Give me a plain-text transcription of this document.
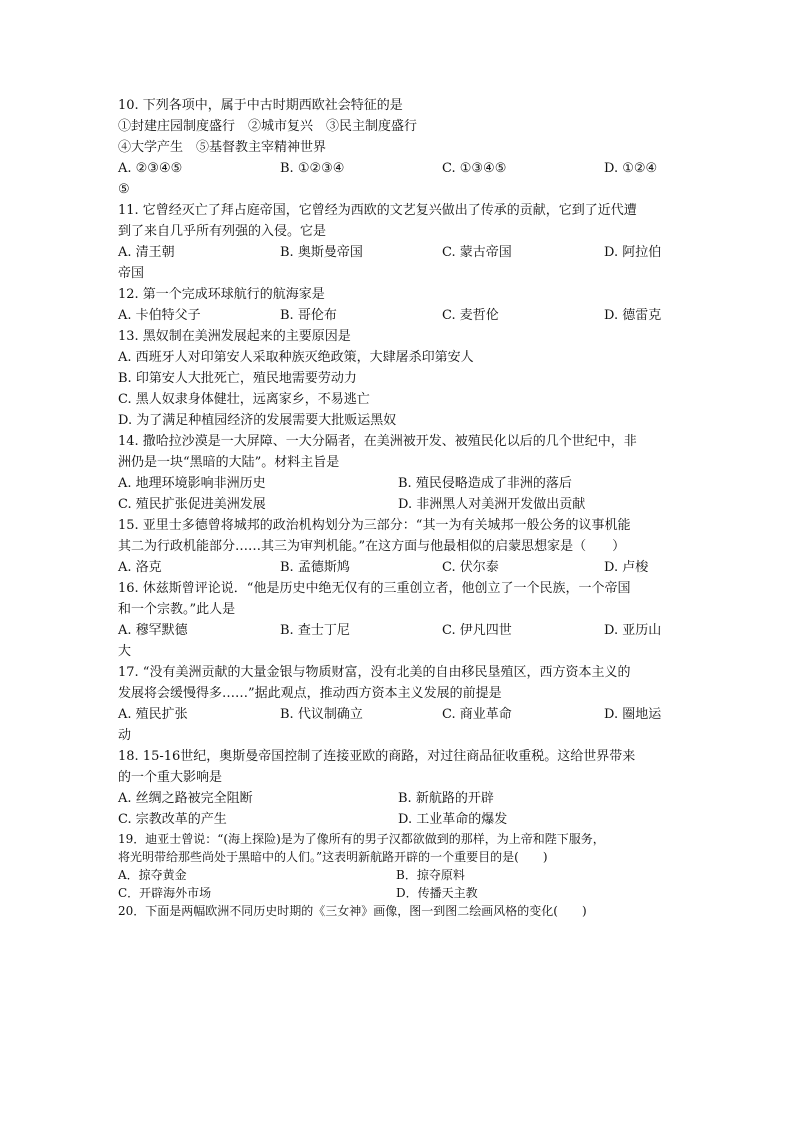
10. 下列各项中，属于中古时期西欧社会特征的是
①封建庄园制度盛行　②城市复兴　③民主制度盛行
④大学产生　⑤基督教主宰精神世界
A. ②③④⑤	B. ①②③④	C. ①③④⑤	D. ①②④
⑤
11. 它曾经灭亡了拜占庭帝国，它曾经为西欧的文艺复兴做出了传承的贡献，它到了近代遭
到了来自几乎所有列强的入侵。它是
A. 清王朝	B. 奥斯曼帝国	C. 蒙古帝国	D. 阿拉伯
帝国
12. 第一个完成环球航行的航海家是
A. 卡伯特父子	B. 哥伦布	C. 麦哲伦	D. 德雷克
13. 黑奴制在美洲发展起来的主要原因是
A. 西班牙人对印第安人采取种族灭绝政策，大肆屠杀印第安人
B. 印第安人大批死亡，殖民地需要劳动力
C. 黑人奴隶身体健壮，远离家乡，不易逃亡
D. 为了满足种植园经济的发展需要大批贩运黑奴
14. 撒哈拉沙漠是一大屏障、一大分隔者，在美洲被开发、被殖民化以后的几个世纪中，非
洲仍是一块“黑暗的大陆”。材料主旨是
A. 地理环境影响非洲历史	B. 殖民侵略造成了非洲的落后
C. 殖民扩张促进美洲发展	D. 非洲黑人对美洲开发做出贡献
15. 亚里士多德曾将城邦的政治机构划分为三部分：“其一为有关城邦一般公务的议事机能
其二为行政机能部分……其三为审判机能。”在这方面与他最相似的启蒙思想家是（　　）
A. 洛克	B. 孟德斯鸠	C. 伏尔泰	D. 卢梭
16. 休兹斯曾评论说．“他是历史中绝无仅有的三重创立者，他创立了一个民族，一个帝国
和一个宗教。”此人是
A. 穆罕默德	B. 查士丁尼	C. 伊凡四世	D. 亚历山
大
17. “没有美洲贡献的大量金银与物质财富，没有北美的自由移民垦殖区，西方资本主义的
发展将会缓慢得多……”据此观点，推动西方资本主义发展的前提是
A. 殖民扩张	B. 代议制确立	C. 商业革命	D. 圈地运
动
18. 15-16世纪，奥斯曼帝国控制了连接亚欧的商路，对过往商品征收重税。这给世界带来
的一个重大影响是
A. 丝绸之路被完全阻断	B. 新航路的开辟
C. 宗教改革的产生	D. 工业革命的爆发
19．迪亚士曾说：“(海上探险)是为了像所有的男子汉都欲做到的那样，为上帝和陛下服务，
将光明带给那些尚处于黑暗中的人们。”这表明新航路开辟的一个重要目的是(　　)
A．掠夺黄金	B．掠夺原料
C．开辟海外市场	D．传播天主教
20．下面是两幅欧洲不同历史时期的《三女神》画像，图一到图二绘画风格的变化(　　)
